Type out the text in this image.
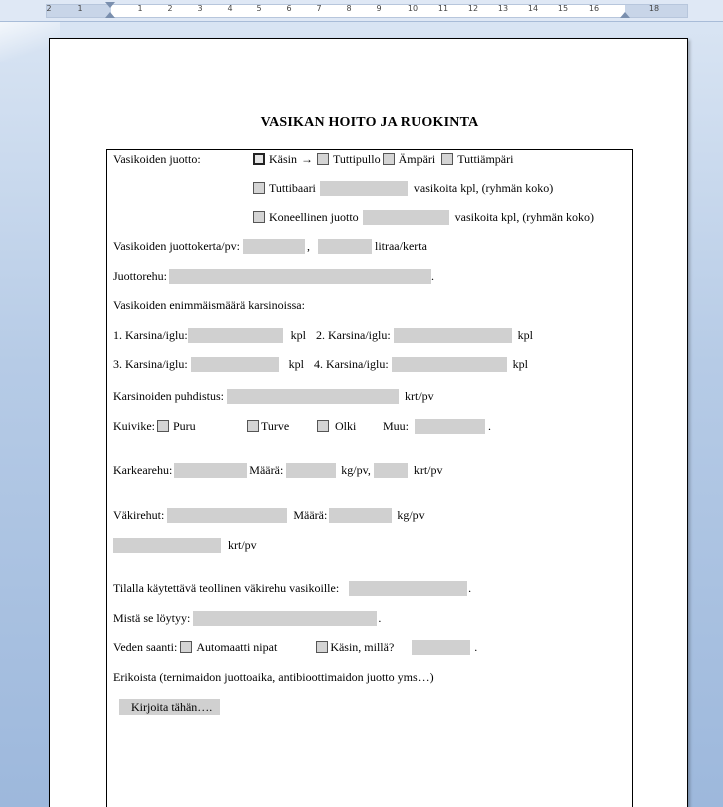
2	1	1	2	3	4	5	6	7	8	9	10 11 12 13 14 15	16	18
VASIKAN HOITO JA RUOKINTA
Vasikoiden juotto:	Käsin → Tuttipullo Ämpäri Tuttiämpäri
Tuttibaari	vasikoita kpl, (ryhmän koko)
Koneellinen juotto	vasikoita kpl, (ryhmän koko)
Vasikoiden juottokerta/pv:	,	litraa/kerta
Juottorehu:	.
Vasikoiden enimmäismäärä karsinoissa:
1. Karsina/iglu:	kpl 2. Karsina/iglu:	kpl
3. Karsina/iglu:	kpl 4. Karsina/iglu:	kpl
Karsinoiden puhdistus:	krt/pv
Kuivike: Puru	Turve	Olki	Muu:	.
Karkearehu:	Määrä:	kg/pv,	krt/pv
Väkirehut:	Määrä:	kg/pv
krt/pv
Tilalla käytettävä teollinen väkirehu vasikoille:	.
Mistä se löytyy:	.
Veden saanti: Automaatti nipat	Käsin, millä?	.
Erikoista (ternimaidon juottoaika, antibioottimaidon juotto yms…)
Kirjoita tähän….
